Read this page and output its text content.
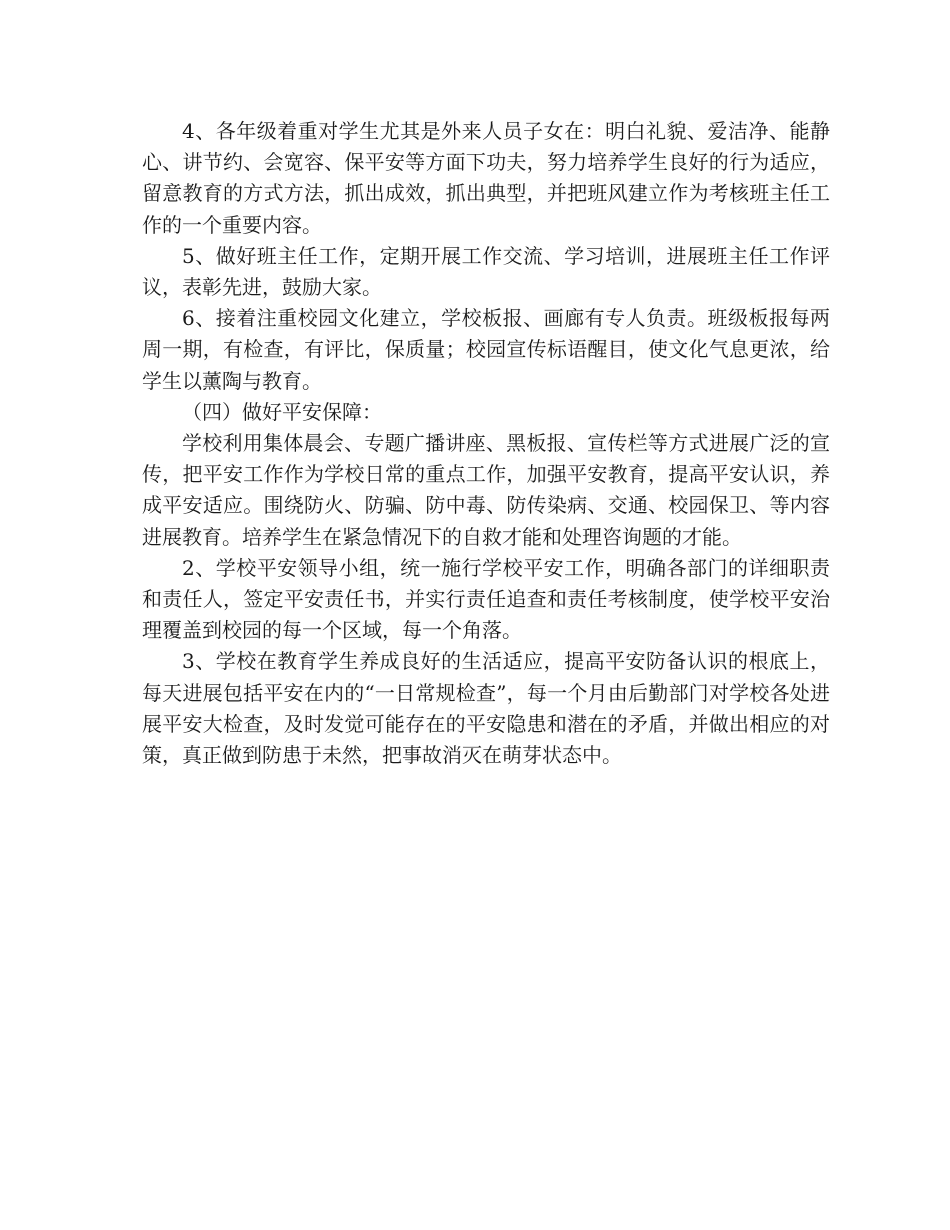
4、各年级着重对学生尤其是外来人员子女在：明白礼貌、爱洁净、能静心、讲节约、会宽容、保平安等方面下功夫，努力培养学生良好的行为适应，留意教育的方式方法，抓出成效，抓出典型，并把班风建立作为考核班主任工作的一个重要内容。

5、做好班主任工作，定期开展工作交流、学习培训，进展班主任工作评议，表彰先进，鼓励大家。

6、接着注重校园文化建立，学校板报、画廊有专人负责。班级板报每两周一期，有检查，有评比，保质量；校园宣传标语醒目，使文化气息更浓，给学生以薰陶与教育。

（四）做好平安保障：

学校利用集体晨会、专题广播讲座、黑板报、宣传栏等方式进展广泛的宣传，把平安工作作为学校日常的重点工作，加强平安教育，提高平安认识，养成平安适应。围绕防火、防骗、防中毒、防传染病、交通、校园保卫、等内容进展教育。培养学生在紧急情况下的自救才能和处理咨询题的才能。

2、学校平安领导小组，统一施行学校平安工作，明确各部门的详细职责和责任人，签定平安责任书，并实行责任追查和责任考核制度，使学校平安治理覆盖到校园的每一个区域，每一个角落。

3、学校在教育学生养成良好的生活适应，提高平安防备认识的根底上，每天进展包括平安在内的“一日常规检查”，每一个月由后勤部门对学校各处进展平安大检查，及时发觉可能存在的平安隐患和潜在的矛盾，并做出相应的对策，真正做到防患于未然，把事故消灭在萌芽状态中。
